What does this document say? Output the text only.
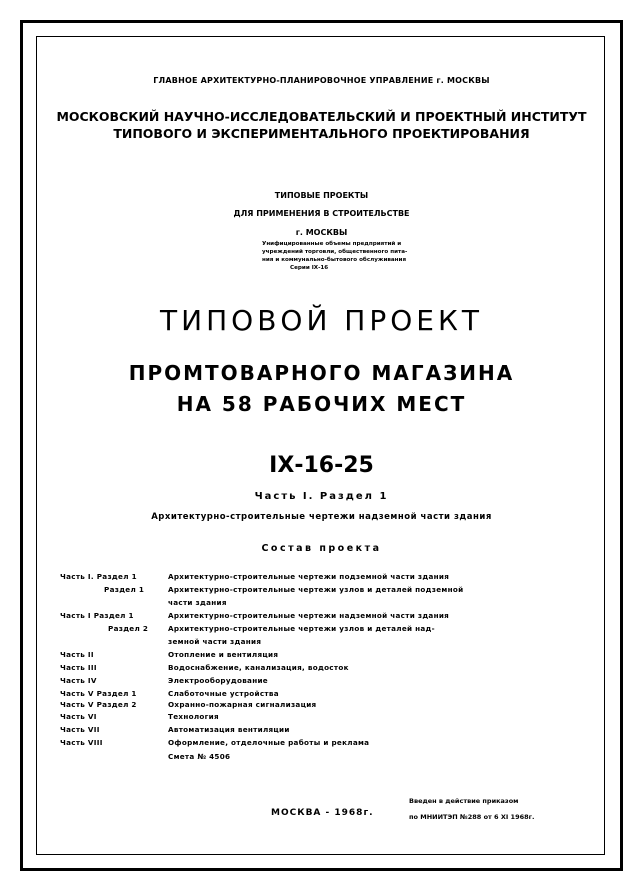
ГЛАВНОЕ АРХИТЕКТУРНО-ПЛАНИРОВОЧНОЕ УПРАВЛЕНИЕ г. МОСКВЫ
МОСКОВСКИЙ НАУЧНО-ИССЛЕДОВАТЕЛЬСКИЙ И ПРОЕКТНЫЙ ИНСТИТУТ
ТИПОВОГО И ЭКСПЕРИМЕНТАЛЬНОГО ПРОЕКТИРОВАНИЯ
ТИПОВЫЕ ПРОЕКТЫ
ДЛЯ ПРИМЕНЕНИЯ В СТРОИТЕЛЬСТВЕ
г. МОСКВЫ
Унифицированные объемы предприятий и
учреждений торговли, общественного пита-
ния и коммунально-бытового обслуживания
Серии IХ-16
ТИПОВОЙ ПРОЕКТ
ПРОМТОВАРНОГО МАГАЗИНА
НА 58 РАБОЧИХ МЕСТ
IХ-16-25
Часть I. Раздел 1
Архитектурно-строительные чертежи надземной части здания
Состав проекта
Часть I. Раздел 1	Архитектурно-строительные чертежи подземной части здания
Раздел 1	Архитектурно-строительные чертежи узлов и деталей подземной
части здания
Часть I Раздел 1	Архитектурно-строительные чертежи надземной части здания
Раздел 2	Архитектурно-строительные чертежи узлов и деталей над-
земной части здания
Часть II	Отопление и вентиляция
Часть III	Водоснабжение, канализация, водосток
Часть IV	Электрооборудование
Часть V Раздел 1	Слаботочные устройства
Часть V Раздел 2	Охранно-пожарная сигнализация
Часть VI	Технология
Часть VII	Автоматизация вентиляции
Часть VIII	Оформление, отделочные работы и реклама
Смета № 4506
МОСКВА - 1968г.
Введен в действие приказом
по МНИИТЭП №288 от 6 XI 1968г.
